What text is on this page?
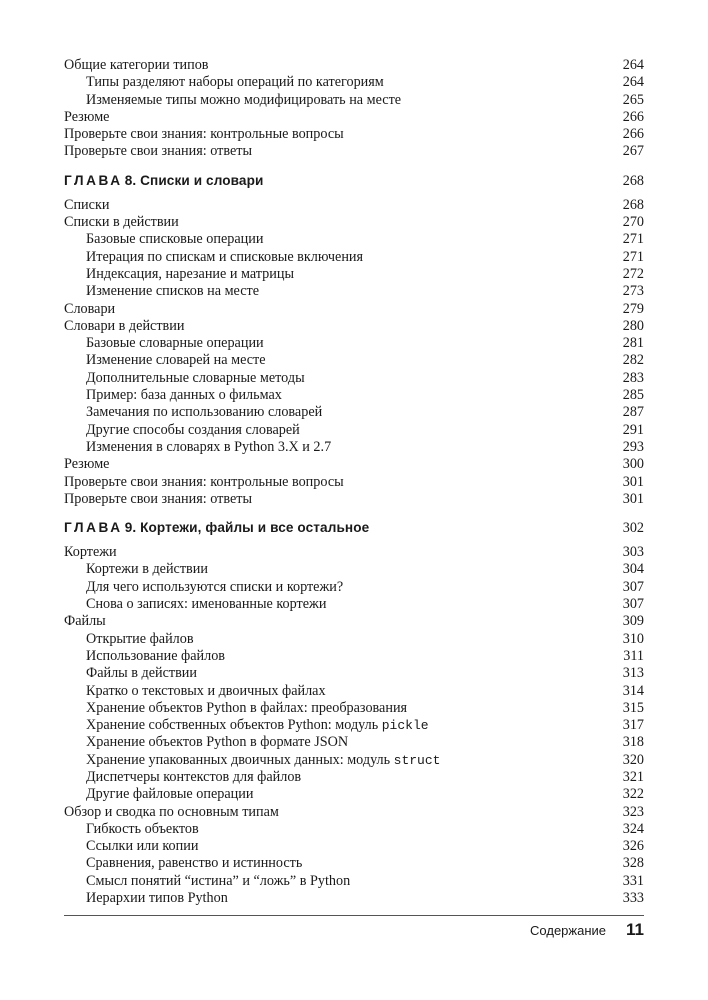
Общие категории типов	264
Типы разделяют наборы операций по категориям	264
Изменяемые типы можно модифицировать на месте	265
Резюме	266
Проверьте свои знания: контрольные вопросы	266
Проверьте свои знания: ответы	267
ГЛАВА 8. Списки и словари	268
Списки	268
Списки в действии	270
Базовые списковые операции	271
Итерация по спискам и списковые включения	271
Индексация, нарезание и матрицы	272
Изменение списков на месте	273
Словари	279
Словари в действии	280
Базовые словарные операции	281
Изменение словарей на месте	282
Дополнительные словарные методы	283
Пример: база данных о фильмах	285
Замечания по использованию словарей	287
Другие способы создания словарей	291
Изменения в словарях в Python 3.X и 2.7	293
Резюме	300
Проверьте свои знания: контрольные вопросы	301
Проверьте свои знания: ответы	301
ГЛАВА 9. Кортежи, файлы и все остальное	302
Кортежи	303
Кортежи в действии	304
Для чего используются списки и кортежи?	307
Снова о записях: именованные кортежи	307
Файлы	309
Открытие файлов	310
Использование файлов	311
Файлы в действии	313
Кратко о текстовых и двоичных файлах	314
Хранение объектов Python в файлах: преобразования	315
Хранение собственных объектов Python: модуль pickle	317
Хранение объектов Python в формате JSON	318
Хранение упакованных двоичных данных: модуль struct	320
Диспетчеры контекстов для файлов	321
Другие файловые операции	322
Обзор и сводка по основным типам	323
Гибкость объектов	324
Ссылки или копии	326
Сравнения, равенство и истинность	328
Смысл понятий “истина” и “ложь” в Python	331
Иерархии типов Python	333
Содержание 11
